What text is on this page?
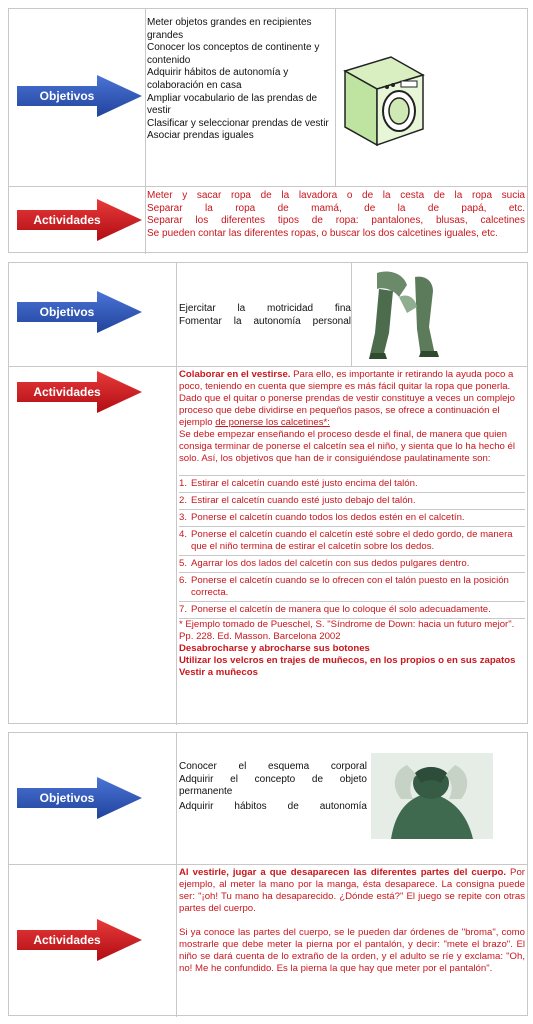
Objetivos

Meter objetos grandes en recipientes grandes

Conocer los conceptos de continente y contenido

Adquirir hábitos de autonomía y colaboración en casa

Ampliar vocabulario de las prendas de vestir

Clasificar y seleccionar prendas de vestir

Asociar prendas iguales

Actividades

Meter y sacar ropa de la lavadora o de la cesta de la ropa sucia

Separar la ropa de mamá, de la de papá, etc.

Separar los diferentes tipos de ropa: pantalones, blusas, calcetines

Se pueden contar las diferentes ropas, o buscar los dos calcetines iguales, etc.

Objetivos	Ejercitar la motricidad fina

Fomentar la autonomía personal

Actividades

Colaborar en el vestirse. Para ello, es importante ir retirando la ayuda poco a poco, teniendo en cuenta que siempre es más fácil quitar la ropa que ponerla.

Dado que el quitar o ponerse prendas de vestir constituye a veces un complejo proceso que debe dividirse en pequeños pasos, se ofrece a continuación el ejemplo de ponerse los calcetines*:

Se debe empezar enseñando el proceso desde el final, de manera que quien consiga terminar de ponerse el calcetín sea el niño, y sienta que lo ha hecho él solo. Así, los objetivos que han de ir consiguiéndose paulatinamente son:

1. Estirar el calcetín cuando esté justo encima del talón.
2. Estirar el calcetín cuando esté justo debajo del talón.
3. Ponerse el calcetín cuando todos los dedos estén en el calcetín.
4. Ponerse el calcetín cuando el calcetín esté sobre el dedo gordo, de manera que el niño termina de estirar el calcetín sobre los dedos.
5. Agarrar los dos lados del calcetín con sus dedos pulgares dentro.
6. Ponerse el calcetín cuando se lo ofrecen con el talón puesto en la posición correcta.
7. Ponerse el calcetín de manera que lo coloque él solo adecuadamente.

* Ejemplo tomado de Pueschel, S. "Síndrome de Down: hacia un futuro mejor". Pp. 228. Ed. Masson. Barcelona 2002

Desabrocharse y abrocharse sus botones

Utilizar los velcros en trajes de muñecos, en los propios o en sus zapatos

Vestir a muñecos

Objetivos

Conocer el esquema corporal

Adquirir el concepto de objeto permanente

Adquirir hábitos de autonomía

Actividades

Al vestirle, jugar a que desaparecen las diferentes partes del cuerpo. Por ejemplo, al meter la mano por la manga, ésta desaparece. La consigna puede ser: "¡oh! Tu mano ha desaparecido. ¿Dónde está?" El juego se repite con otras partes del cuerpo.

Si ya conoce las partes del cuerpo, se le pueden dar órdenes de "broma", como mostrarle que debe meter la pierna por el pantalón, y decir: "mete el brazo". El niño se dará cuenta de lo extraño de la orden, y el adulto se ríe y exclama: "Oh, no! Me he confundido. Es la pierna la que hay que meter por el pantalón".
